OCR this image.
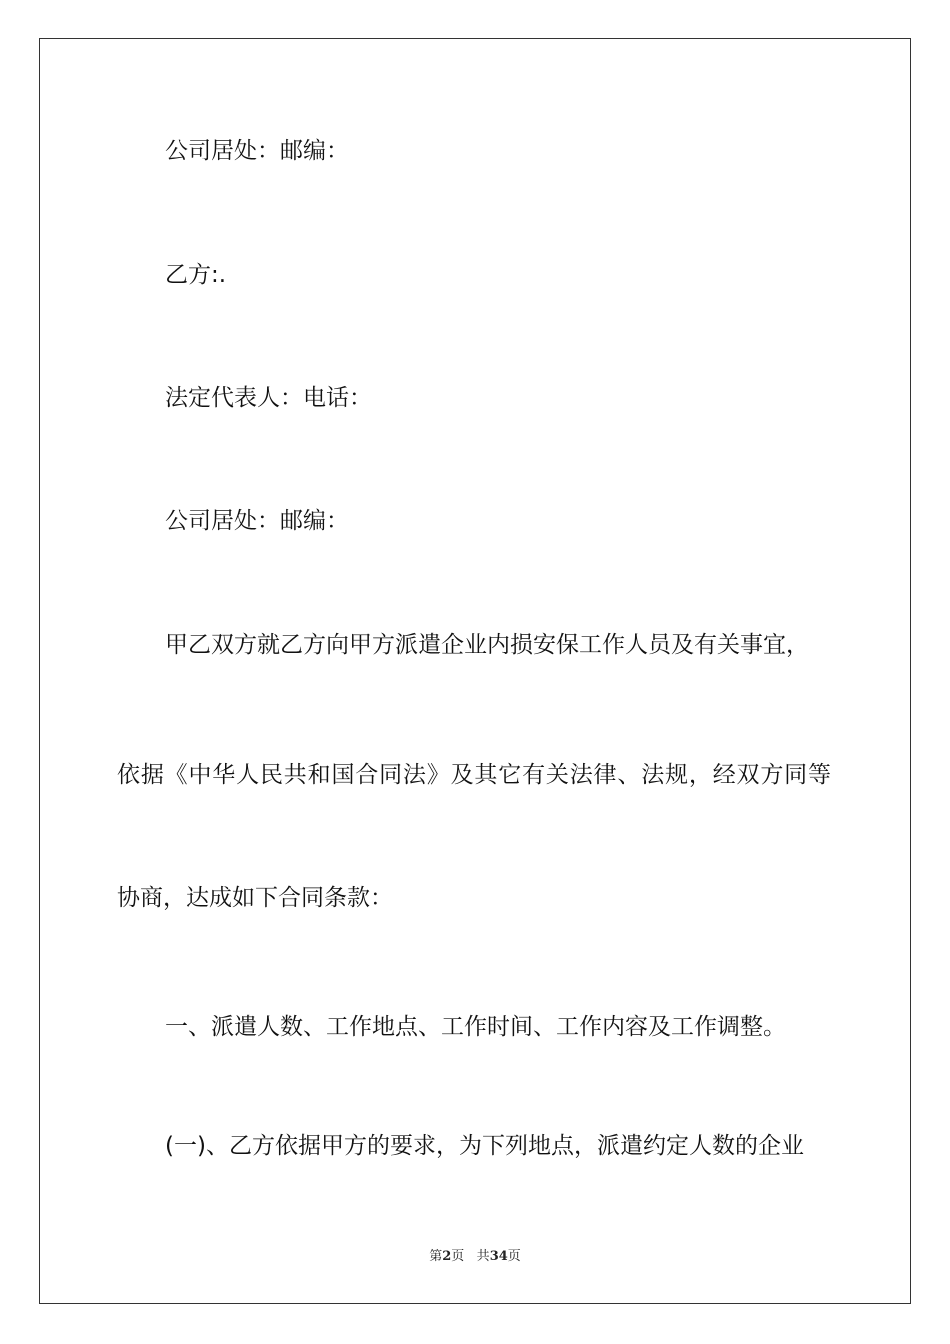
公司居处：邮编：
乙方:.
法定代表人：电话：
公司居处：邮编：
甲乙双方就乙方向甲方派遣企业内损安保工作人员及有关事宜，
依据《中华人民共和国合同法》及其它有关法律、法规，经双方同等
协商，达成如下合同条款：
一、派遣人数、工作地点、工作时间、工作内容及工作调整。
(一)、乙方依据甲方的要求，为下列地点，派遣约定人数的企业
第2页 共34页
